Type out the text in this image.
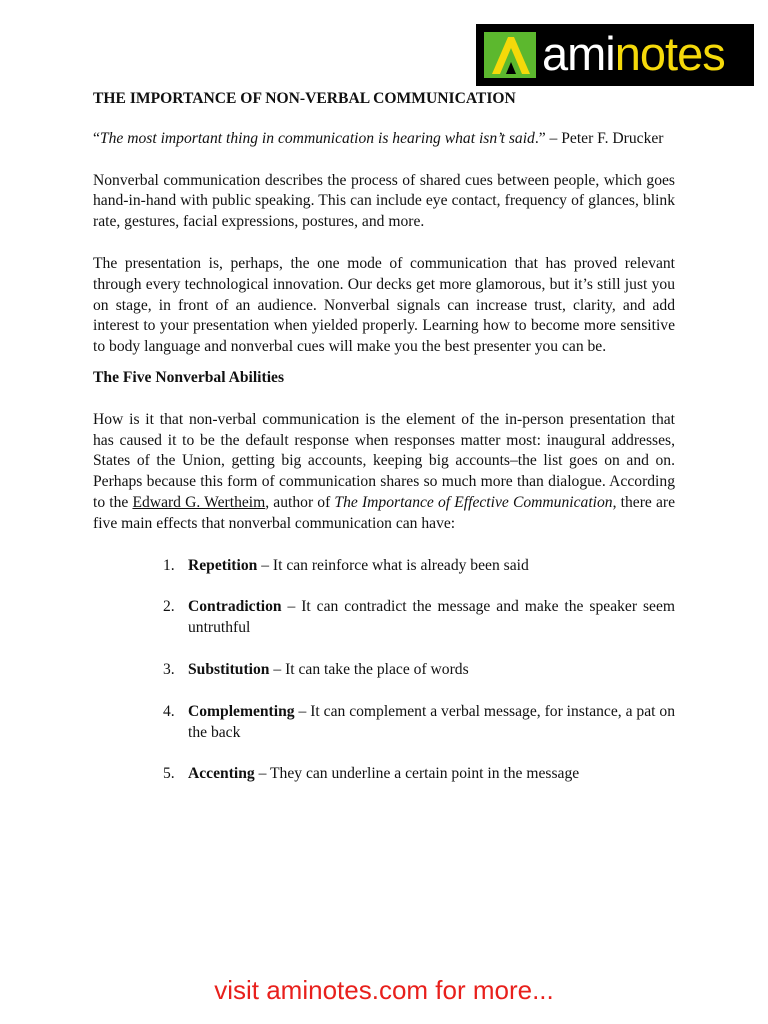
aminotes
THE IMPORTANCE OF NON-VERBAL COMMUNICATION
“The most important thing in communication is hearing what isn’t said.” – Peter F. Drucker

Nonverbal communication describes the process of shared cues between people, which goes hand-in-hand with public speaking. This can include eye contact, frequency of glances, blink rate, gestures, facial expressions, postures, and more.

The presentation is, perhaps, the one mode of communication that has proved relevant through every technological innovation. Our decks get more glamorous, but it’s still just you on stage, in front of an audience. Nonverbal signals can increase trust, clarity, and add interest to your presentation when yielded properly. Learning how to become more sensitive to body language and nonverbal cues will make you the best presenter you can be.

The Five Nonverbal Abilities

How is it that non-verbal communication is the element of the in-person presentation that has caused it to be the default response when responses matter most: inaugural addresses, States of the Union, getting big accounts, keeping big accounts–the list goes on and on. Perhaps because this form of communication shares so much more than dialogue. According to the Edward G. Wertheim, author of The Importance of Effective Communication, there are five main effects that nonverbal communication can have:

1. Repetition – It can reinforce what is already been said
2. Contradiction – It can contradict the message and make the speaker seem untruthful
3. Substitution – It can take the place of words
4. Complementing – It can complement a verbal message, for instance, a pat on the back
5. Accenting – They can underline a certain point in the message
visit aminotes.com for more...
